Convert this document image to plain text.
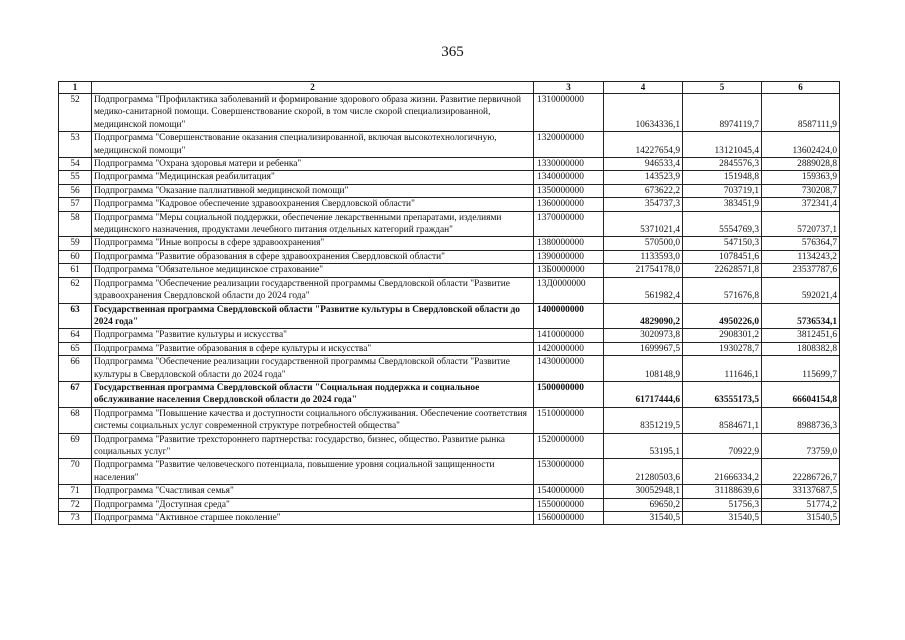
365
1	2	3	4	5	6
52	Подпрограмма "Профилактика заболеваний и формирование здорового образа жизни. Развитие первичной медико-санитарной помощи. Совершенствование скорой, в том числе скорой специализированной, медицинской помощи"	1310000000	10634336,1	8974119,7	8587111,9
53	Подпрограмма "Совершенствование оказания специализированной, включая высокотехнологичную, медицинской помощи"	1320000000	14227654,9	13121045,4	13602424,0
54	Подпрограмма "Охрана здоровья матери и ребенка"	1330000000	946533,4	2845576,3	2889028,8
55	Подпрограмма "Медицинская реабилитация"	1340000000	143523,9	151948,8	159363,9
56	Подпрограмма "Оказание паллиативной медицинской помощи"	1350000000	673622,2	703719,1	730208,7
57	Подпрограмма "Кадровое обеспечение здравоохранения Свердловской области"	1360000000	354737,3	383451,9	372341,4
58	Подпрограмма "Меры социальной поддержки, обеспечение лекарственными препаратами, изделиями медицинского назначения, продуктами лечебного питания отдельных категорий граждан"	1370000000	5371021,4	5554769,3	5720737,1
59	Подпрограмма "Иные вопросы в сфере здравоохранения"	1380000000	570500,0	547150,3	576364,7
60	Подпрограмма "Развитие образования в сфере здравоохранения Свердловской области"	1390000000	1133593,0	1078451,6	1134243,2
61	Подпрограмма "Обязательное медицинское страхование"	13Б0000000	21754178,0	22628571,8	23537787,6
62	Подпрограмма "Обеспечение реализации государственной программы Свердловской области "Развитие здравоохранения Свердловской области до 2024 года"	13Д0000000	561982,4	571676,8	592021,4
63	Государственная программа Свердловской области "Развитие культуры в Свердловской области до 2024 года"	1400000000	4829090,2	4950226,0	5736534,1
64	Подпрограмма "Развитие культуры и искусства"	1410000000	3020973,8	2908301,2	3812451,6
65	Подпрограмма "Развитие образования в сфере культуры и искусства"	1420000000	1699967,5	1930278,7	1808382,8
66	Подпрограмма "Обеспечение реализации государственной программы Свердловской области "Развитие культуры в Свердловской области до 2024 года"	1430000000	108148,9	111646,1	115699,7
67	Государственная программа Свердловской области "Социальная поддержка и социальное обслуживание населения Свердловской области до 2024 года"	1500000000	61717444,6	63555173,5	66604154,8
68	Подпрограмма "Повышение качества и доступности социального обслуживания. Обеспечение соответствия системы социальных услуг современной структуре потребностей общества"	1510000000	8351219,5	8584671,1	8988736,3
69	Подпрограмма "Развитие трехстороннего партнерства: государство, бизнес, общество. Развитие рынка социальных услуг"	1520000000	53195,1	70922,9	73759,0
70	Подпрограмма "Развитие человеческого потенциала, повышение уровня социальной защищенности населения"	1530000000	21280503,6	21666334,2	22286726,7
71	Подпрограмма "Счастливая семья"	1540000000	30052948,1	31188639,6	33137687,5
72	Подпрограмма "Доступная среда"	1550000000	69650,2	51756,3	51774,2
73	Подпрограмма "Активное старшее поколение"	1560000000	31540,5	31540,5	31540,5
